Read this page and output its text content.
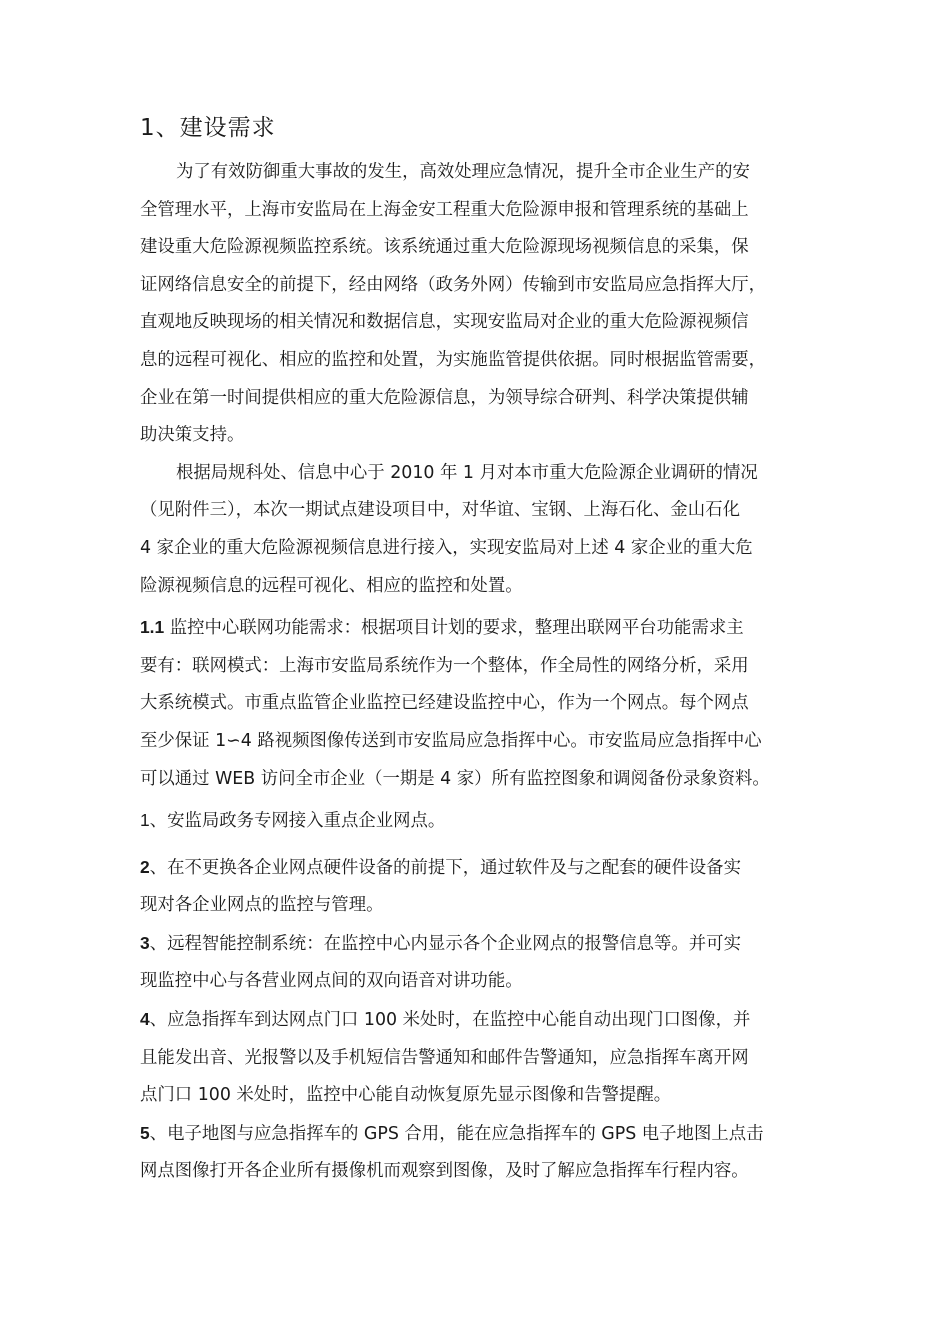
1、建设需求

为了有效防御重大事故的发生，高效处理应急情况，提升全市企业生产的安
全管理水平，上海市安监局在上海金安工程重大危险源申报和管理系统的基础上
建设重大危险源视频监控系统。该系统通过重大危险源现场视频信息的采集，保
证网络信息安全的前提下，经由网络（政务外网）传输到市安监局应急指挥大厅，
直观地反映现场的相关情况和数据信息，实现安监局对企业的重大危险源视频信
息的远程可视化、相应的监控和处置，为实施监管提供依据。同时根据监管需要，
企业在第一时间提供相应的重大危险源信息，为领导综合研判、科学决策提供辅
助决策支持。

根据局规科处、信息中心于 2010 年 1 月对本市重大危险源企业调研的情况
（见附件三），本次一期试点建设项目中，对华谊、宝钢、上海石化、金山石化
4 家企业的重大危险源视频信息进行接入，实现安监局对上述 4 家企业的重大危
险源视频信息的远程可视化、相应的监控和处置。

1.1 监控中心联网功能需求：根据项目计划的要求，整理出联网平台功能需求主
要有：联网模式：上海市安监局系统作为一个整体，作全局性的网络分析，采用
大系统模式。市重点监管企业监控已经建设监控中心，作为一个网点。每个网点
至少保证 1∽4 路视频图像传送到市安监局应急指挥中心。市安监局应急指挥中心
可以通过 WEB 访问全市企业（一期是 4 家）所有监控图象和调阅备份录象资料。

1、安监局政务专网接入重点企业网点。

2、在不更换各企业网点硬件设备的前提下，通过软件及与之配套的硬件设备实
现对各企业网点的监控与管理。

3、远程智能控制系统：在监控中心内显示各个企业网点的报警信息等。并可实
现监控中心与各营业网点间的双向语音对讲功能。

4、应急指挥车到达网点门口 100 米处时，在监控中心能自动出现门口图像，并
且能发出音、光报警以及手机短信告警通知和邮件告警通知，应急指挥车离开网
点门口 100 米处时，监控中心能自动恢复原先显示图像和告警提醒。

5、电子地图与应急指挥车的 GPS 合用，能在应急指挥车的 GPS 电子地图上点击
网点图像打开各企业所有摄像机而观察到图像，及时了解应急指挥车行程内容。
